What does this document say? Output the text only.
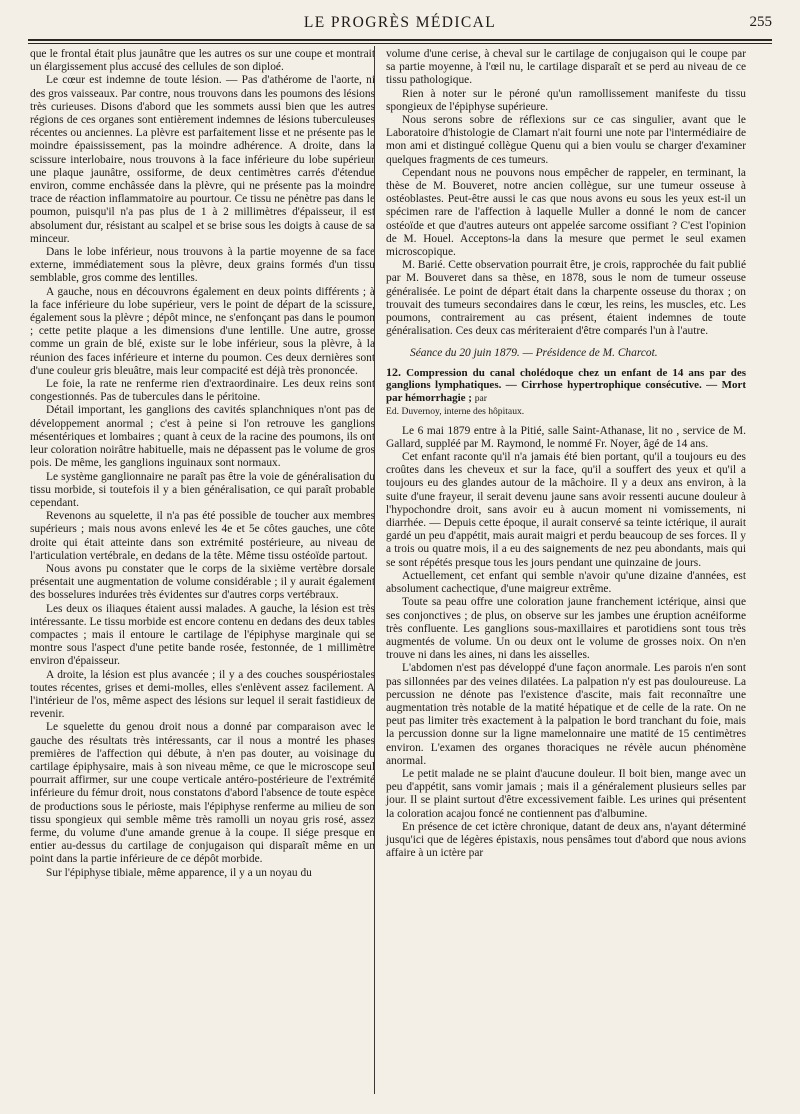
LE PROGRÈS MÉDICAL	255

que le frontal était plus jaunâtre que les autres os sur une coupe et montrait un élargissement plus accusé des cellules de son diploé.

Le cœur est indemne de toute lésion. — Pas d'athérome de l'aorte, ni des gros vaisseaux. Par contre, nous trouvons dans les poumons des lésions très curieuses. Disons d'abord que les sommets aussi bien que les autres régions de ces organes sont entièrement indemnes de lésions tuberculeuses récentes ou anciennes. La plèvre est parfaitement lisse et ne présente pas le moindre épaississement, pas la moindre adhérence. A droite, dans la scissure interlobaire, nous trouvons à la face inférieure du lobe supérieur une plaque jaunâtre, ossiforme, de deux centimètres carrés d'étendue environ, comme enchâssée dans la plèvre, qui ne présente pas la moindre trace de réaction inflammatoire au pourtour. Ce tissu ne pénètre pas dans le poumon, puisqu'il n'a pas plus de 1 à 2 millimètres d'épaisseur, il est absolument dur, résistant au scalpel et se brise sous les doigts à cause de sa minceur.

Dans le lobe inférieur, nous trouvons à la partie moyenne de sa face externe, immédiatement sous la plèvre, deux grains formés d'un tissu semblable, gros comme des lentilles.

A gauche, nous en découvrons également en deux points différents ; à la face inférieure du lobe supérieur, vers le point de départ de la scissure, également sous la plèvre ; dépôt mince, ne s'enfonçant pas dans le poumon ; cette petite plaque a les dimensions d'une lentille. Une autre, grosse comme un grain de blé, existe sur le lobe inférieur, sous la plèvre, à la réunion des faces inférieure et interne du poumon. Ces deux dernières sont d'une couleur gris bleuâtre, mais leur compacité est déjà très prononcée.

Le foie, la rate ne renferme rien d'extraordinaire. Les deux reins sont congestionnés. Pas de tubercules dans le péritoine.

Détail important, les ganglions des cavités splanchniques n'ont pas de développement anormal ; c'est à peine si l'on retrouve les ganglions mésentériques et lombaires ; quant à ceux de la racine des poumons, ils ont leur coloration noirâtre habituelle, mais ne dépassent pas le volume de gros pois. De même, les ganglions inguinaux sont normaux.

Le système ganglionnaire ne paraît pas être la voie de généralisation du tissu morbide, si toutefois il y a bien généralisation, ce qui paraît probable cependant.

Revenons au squelette, il n'a pas été possible de toucher aux membres supérieurs ; mais nous avons enlevé les 4e et 5e côtes gauches, une côte droite qui était atteinte dans son extrémité postérieure, au niveau de l'articulation vertébrale, en dedans de la tête. Même tissu ostéoïde partout.

Nous avons pu constater que le corps de la sixième vertèbre dorsale présentait une augmentation de volume considérable ; il y aurait également des bosselures indurées très évidentes sur d'autres corps vertébraux.

Les deux os iliaques étaient aussi malades. A gauche, la lésion est très intéressante. Le tissu morbide est encore contenu en dedans des deux tables compactes ; mais il entoure le cartilage de l'épiphyse marginale qui se montre sous l'aspect d'une petite bande rosée, festonnée, de 1 millimètre environ d'épaisseur.

A droite, la lésion est plus avancée ; il y a des couches souspériostales toutes récentes, grises et demi-molles, elles s'enlèvent assez facilement. A l'intérieur de l'os, même aspect des lésions sur lequel il serait fastidieux de revenir.

Le squelette du genou droit nous a donné par comparaison avec le gauche des résultats très intéressants, car il nous a montré les phases premières de l'affection qui débute, à n'en pas douter, au voisinage du cartilage épiphysaire, mais à son niveau même, ce que le microscope seul pourrait affirmer, sur une coupe verticale antéro-postérieure de l'extrémité inférieure du fémur droit, nous constatons d'abord l'absence de toute espèce de productions sous le périoste, mais l'épiphyse renferme au milieu de son tissu spongieux qui semble même très ramolli un noyau gris rosé, assez ferme, du volume d'une amande grenue à la coupe. Il siége presque en entier au-dessus du cartilage de conjugaison qui disparaît même en un point dans la partie inférieure de ce dépôt morbide.

Sur l'épiphyse tibiale, même apparence, il y a un noyau du

volume d'une cerise, à cheval sur le cartilage de conjugaison qui le coupe par sa partie moyenne, à l'œil nu, le cartilage disparaît et se perd au niveau de ce tissu pathologique.

Rien à noter sur le péroné qu'un ramollissement manifeste du tissu spongieux de l'épiphyse supérieure.

Nous serons sobre de réflexions sur ce cas singulier, avant que le Laboratoire d'histologie de Clamart n'ait fourni une note par l'intermédiaire de mon ami et distingué collègue Quenu qui a bien voulu se charger d'examiner quelques fragments de ces tumeurs.

Cependant nous ne pouvons nous empêcher de rappeler, en terminant, la thèse de M. Bouveret, notre ancien collègue, sur une tumeur osseuse à ostéoblastes. Peut-être aussi le cas que nous avons eu sous les yeux est-il un spécimen rare de l'affection à laquelle Muller a donné le nom de cancer ostéoïde et que d'autres auteurs ont appelée sarcome ossifiant ? C'est l'opinion de M. Houel. Acceptons-la dans la mesure que permet le seul examen microscopique.

M. Barié. Cette observation pourrait être, je crois, rapprochée du fait publié par M. Bouveret dans sa thèse, en 1878, sous le nom de tumeur osseuse généralisée. Le point de départ était dans la charpente osseuse du thorax ; on trouvait des tumeurs secondaires dans le cœur, les reins, les muscles, etc. Les poumons, contrairement au cas présent, étaient indemnes de toute généralisation. Ces deux cas mériteraient d'être comparés l'un à l'autre.

Séance du 20 juin 1879. — Présidence de M. Charcot.

12. Compression du canal cholédoque chez un enfant de 14 ans par des ganglions lymphatiques. — Cirrhose hypertrophique consécutive. — Mort par hémorrhagie ; par

Ed. Duvernoy, interne des hôpitaux.

Le 6 mai 1879 entre à la Pitié, salle Saint-Athanase, lit no , service de M. Gallard, suppléé par M. Raymond, le nommé Fr. Noyer, âgé de 14 ans.

Cet enfant raconte qu'il n'a jamais été bien portant, qu'il a toujours eu des croûtes dans les cheveux et sur la face, qu'il a souffert des yeux et qu'il a toujours eu des glandes autour de la mâchoire. Il y a deux ans environ, à la suite d'une frayeur, il serait devenu jaune sans avoir ressenti aucune douleur à l'hypochondre droit, sans avoir eu à aucun moment ni vomissements, ni diarrhée. — Depuis cette époque, il aurait conservé sa teinte ictérique, il aurait gardé un peu d'appétit, mais aurait maigri et perdu beaucoup de ses forces. Il y a trois ou quatre mois, il a eu des saignements de nez peu abondants, mais qui se sont répétés presque tous les jours pendant une quinzaine de jours.

Actuellement, cet enfant qui semble n'avoir qu'une dizaine d'années, est absolument cachectique, d'une maigreur extrême.

Toute sa peau offre une coloration jaune franchement ictérique, ainsi que ses conjonctives ; de plus, on observe sur les jambes une éruption acnéiforme très confluente. Les ganglions sous-maxillaires et parotidiens sont tous très augmentés de volume. Un ou deux ont le volume de grosses noix. On n'en trouve ni dans les aines, ni dans les aisselles.

L'abdomen n'est pas développé d'une façon anormale. Les parois n'en sont pas sillonnées par des veines dilatées. La palpation n'y est pas douloureuse. La percussion ne dénote pas l'existence d'ascite, mais fait reconnaître une augmentation très notable de la matité hépatique et de celle de la rate. On ne peut pas limiter très exactement à la palpation le bord tranchant du foie, mais la percussion donne sur la ligne mamelonnaire une matité de 15 centimètres environ. L'examen des organes thoraciques ne révèle aucun phénomène anormal.

Le petit malade ne se plaint d'aucune douleur. Il boit bien, mange avec un peu d'appétit, sans vomir jamais ; mais il a généralement plusieurs selles par jour. Il se plaint surtout d'être excessivement faible. Les urines qui présentent la coloration acajou foncé ne contiennent pas d'albumine.

En présence de cet ictère chronique, datant de deux ans, n'ayant déterminé jusqu'ici que de légères épistaxis, nous pensâmes tout d'abord que nous avions affaire à un ictère par
